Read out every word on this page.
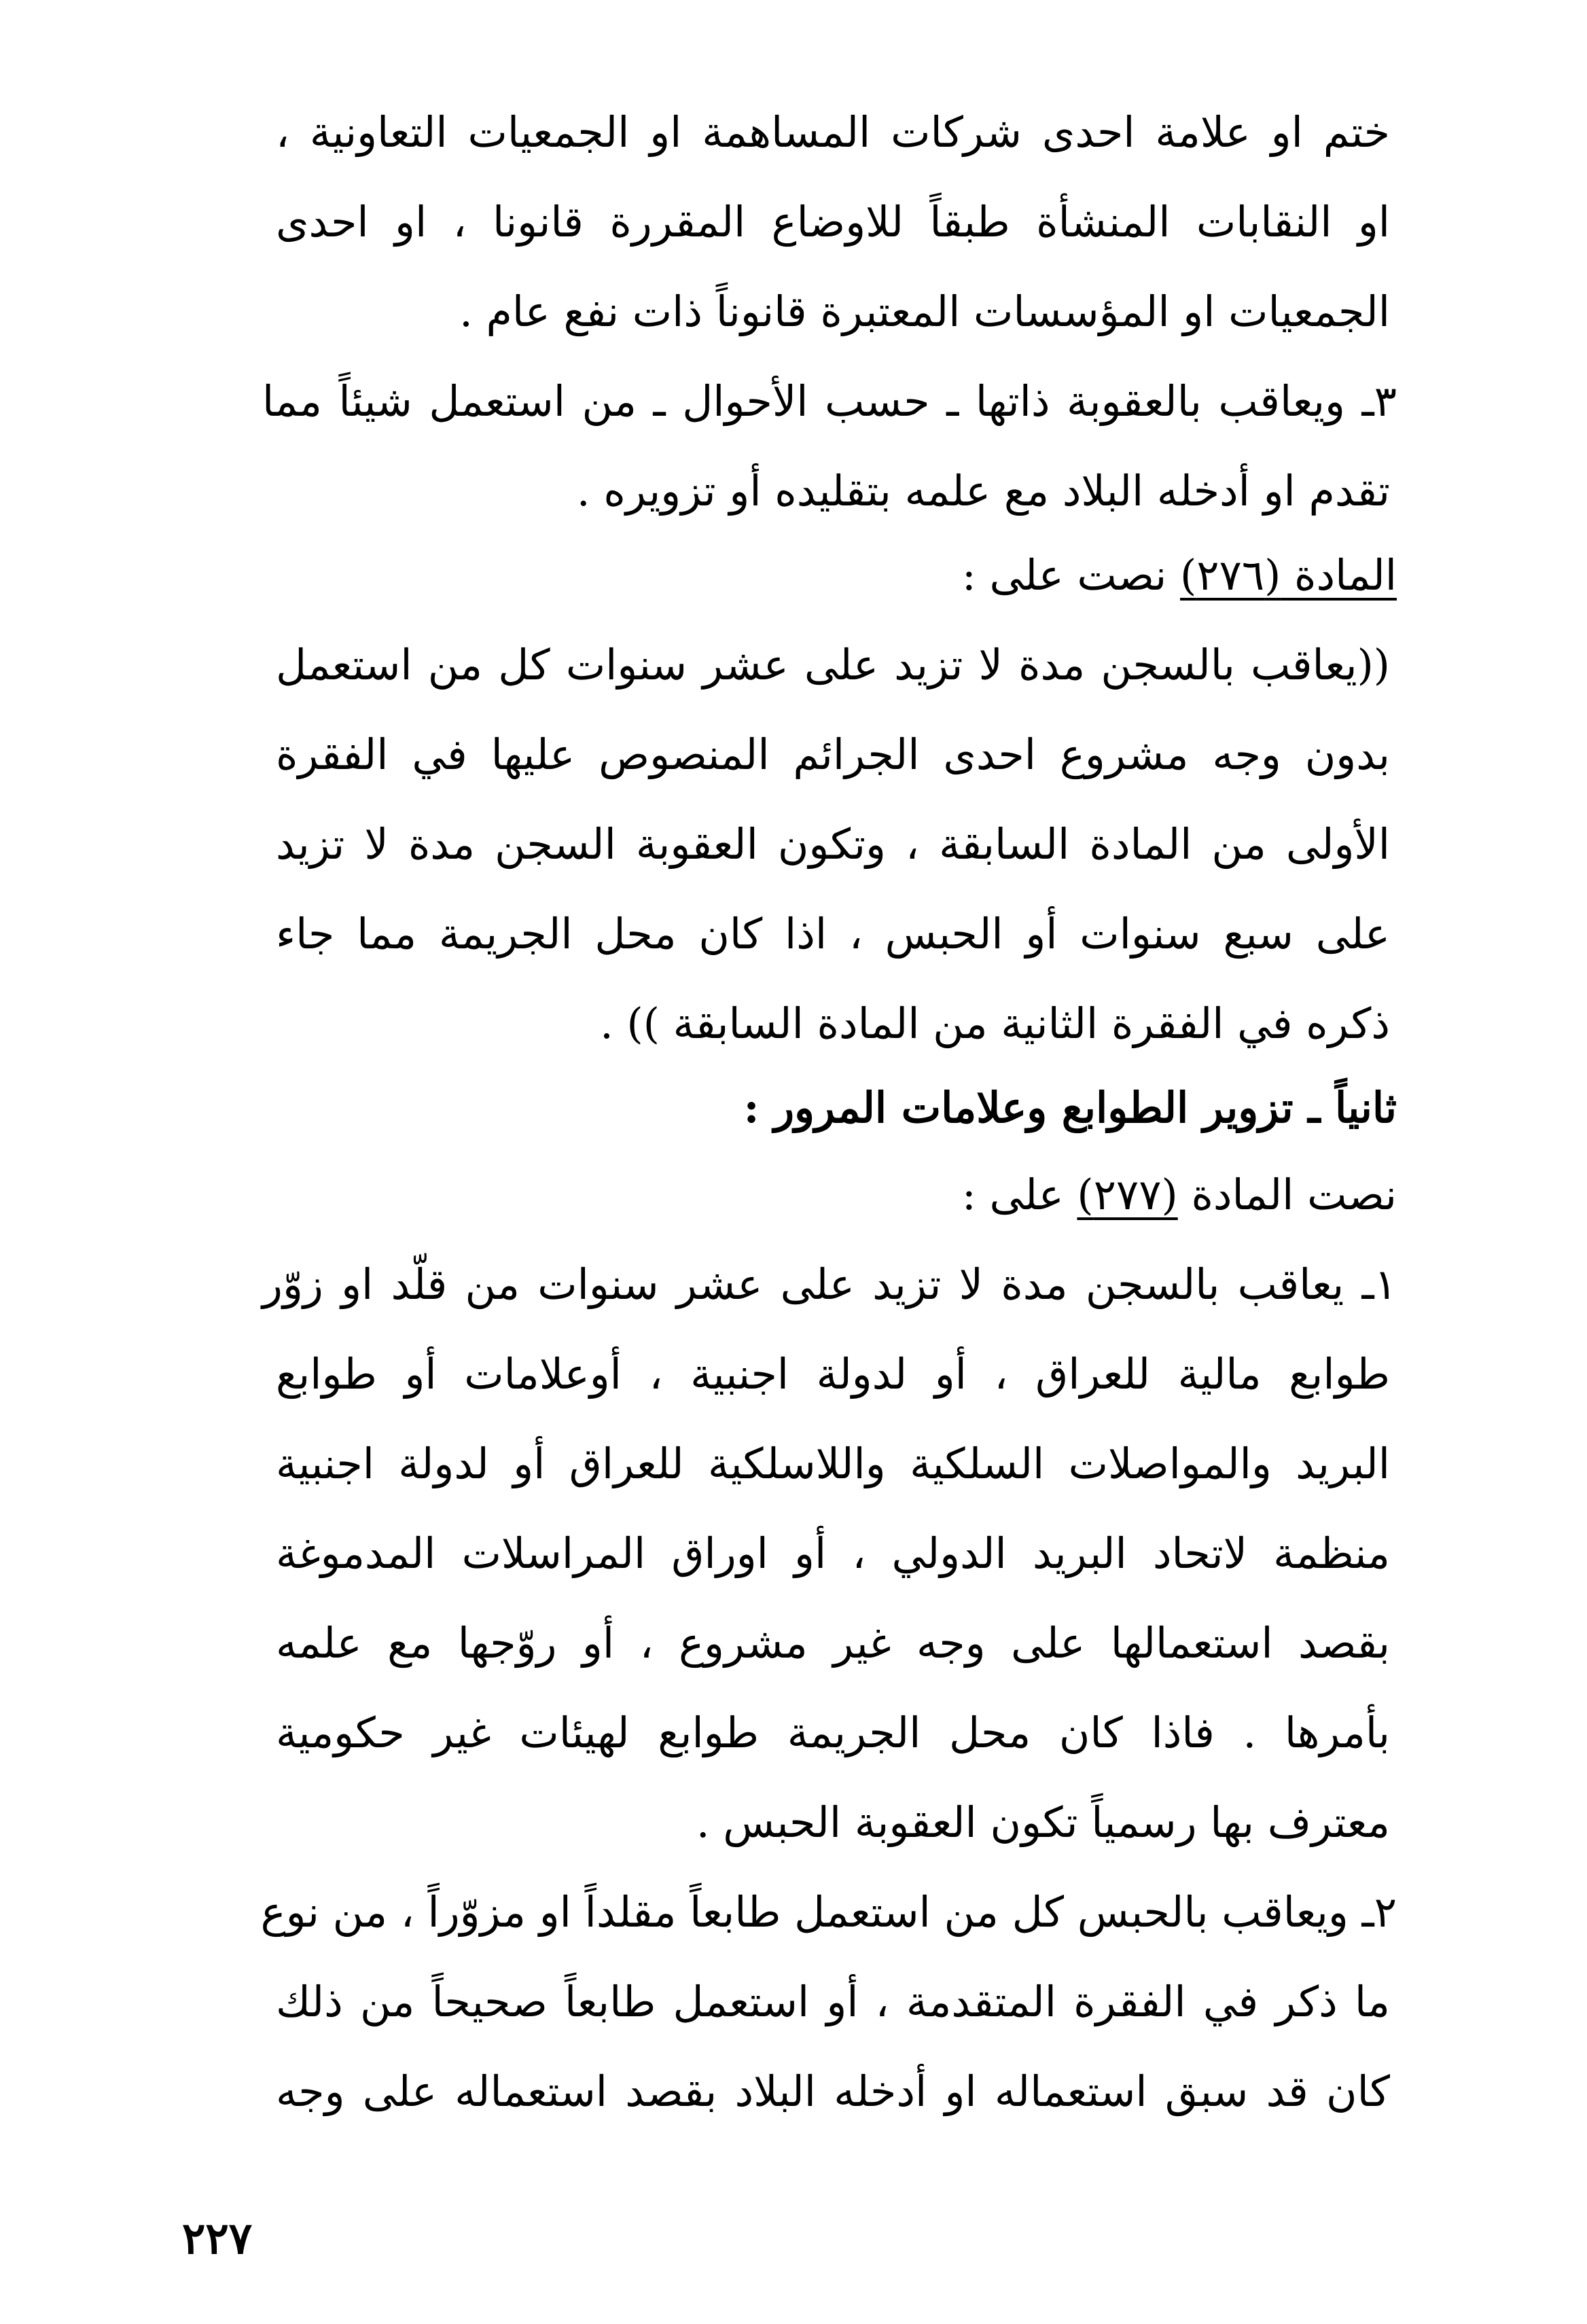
ختم او علامة احدى شركات المساهمة او الجمعيات التعاونية ،
او النقابات المنشأة طبقاً للاوضاع المقررة قانونا ، او احدى
الجمعيات او المؤسسات المعتبرة قانوناً ذات نفع عام .
٣ـ ويعاقب بالعقوبة ذاتها ـ حسب الأحوال ـ من استعمل شيئاً مما
تقدم او أدخله البلاد مع علمه بتقليده أو تزويره .
المادة (٢٧٦) نصت على :
((يعاقب بالسجن مدة لا تزيد على عشر سنوات كل من استعمل
بدون وجه مشروع احدى الجرائم المنصوص عليها في الفقرة
الأولى من المادة السابقة ، وتكون العقوبة السجن مدة لا تزيد
على سبع سنوات أو الحبس ، اذا كان محل الجريمة مما جاء
ذكره في الفقرة الثانية من المادة السابقة )) .
ثانياً ـ تزوير الطوابع وعلامات المرور :
نصت المادة (٢٧٧) على :
١ـ يعاقب بالسجن مدة لا تزيد على عشر سنوات من قلّد او زوّر
طوابع مالية للعراق ، أو لدولة اجنبية ، أوعلامات أو طوابع
البريد والمواصلات السلكية واللاسلكية للعراق أو لدولة اجنبية
منظمة لاتحاد البريد الدولي ، أو اوراق المراسلات المدموغة
بقصد استعمالها على وجه غير مشروع ، أو روّجها مع علمه
بأمرها . فاذا كان محل الجريمة طوابع لهيئات غير حكومية
معترف بها رسمياً تكون العقوبة الحبس .
٢ـ ويعاقب بالحبس كل من استعمل طابعاً مقلداً او مزوّراً ، من نوع
ما ذكر في الفقرة المتقدمة ، أو استعمل طابعاً صحيحاً من ذلك
كان قد سبق استعماله او أدخله البلاد بقصد استعماله على وجه
٢٢٧
